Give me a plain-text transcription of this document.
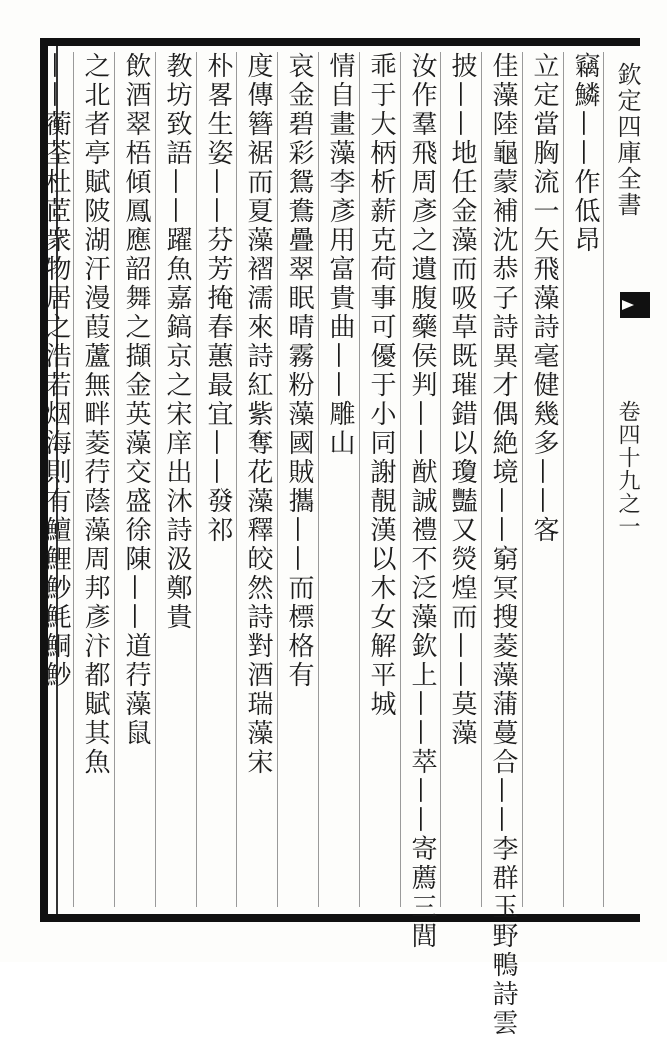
欽定四庫全書
卷四十九之一
竊鱗——作低昂
立定當胸流一矢飛藻詩毫健幾多——客
佳藻陸龜蒙補沈恭子詩異才偶絶境——窮冥搜菱藻蒲蔓合——李群玉野鴨詩雲
披——地任金藻而吸草既璀錯以瓊豔又熒煌而——莫藻
汝作羣飛周彥之遺腹藥侯判——猷誠禮不泛藻欽上——萃——寄薦三閭
乖于大柄析薪克荷事可優于小同謝靚漢以木女解平城
情自畫藻李彥用富貴曲——雕山
哀金碧彩鴛鴦疊翠眠晴霧粉藻國賊攜——而標格有
度傳簪裾而夏藻褶濡來詩紅紫奪花藻釋皎然詩對酒瑞藻宋
朴畧生姿——芬芳掩春蕙最宜——發祁
教坊致語——躍魚嘉鎬京之宋庠出沐詩汲鄭貴
飲酒翠梧傾鳳應韶舞之擷金英藻交盛徐陳——道荇藻鼠
之北者亭賦陂湖汗漫葭蘆無畔菱荇蔭藻周邦彥汴都賦其魚
——蘅荃杜茝衆物居之浩若烟海則有鱣鯉魦魹鮦魦
